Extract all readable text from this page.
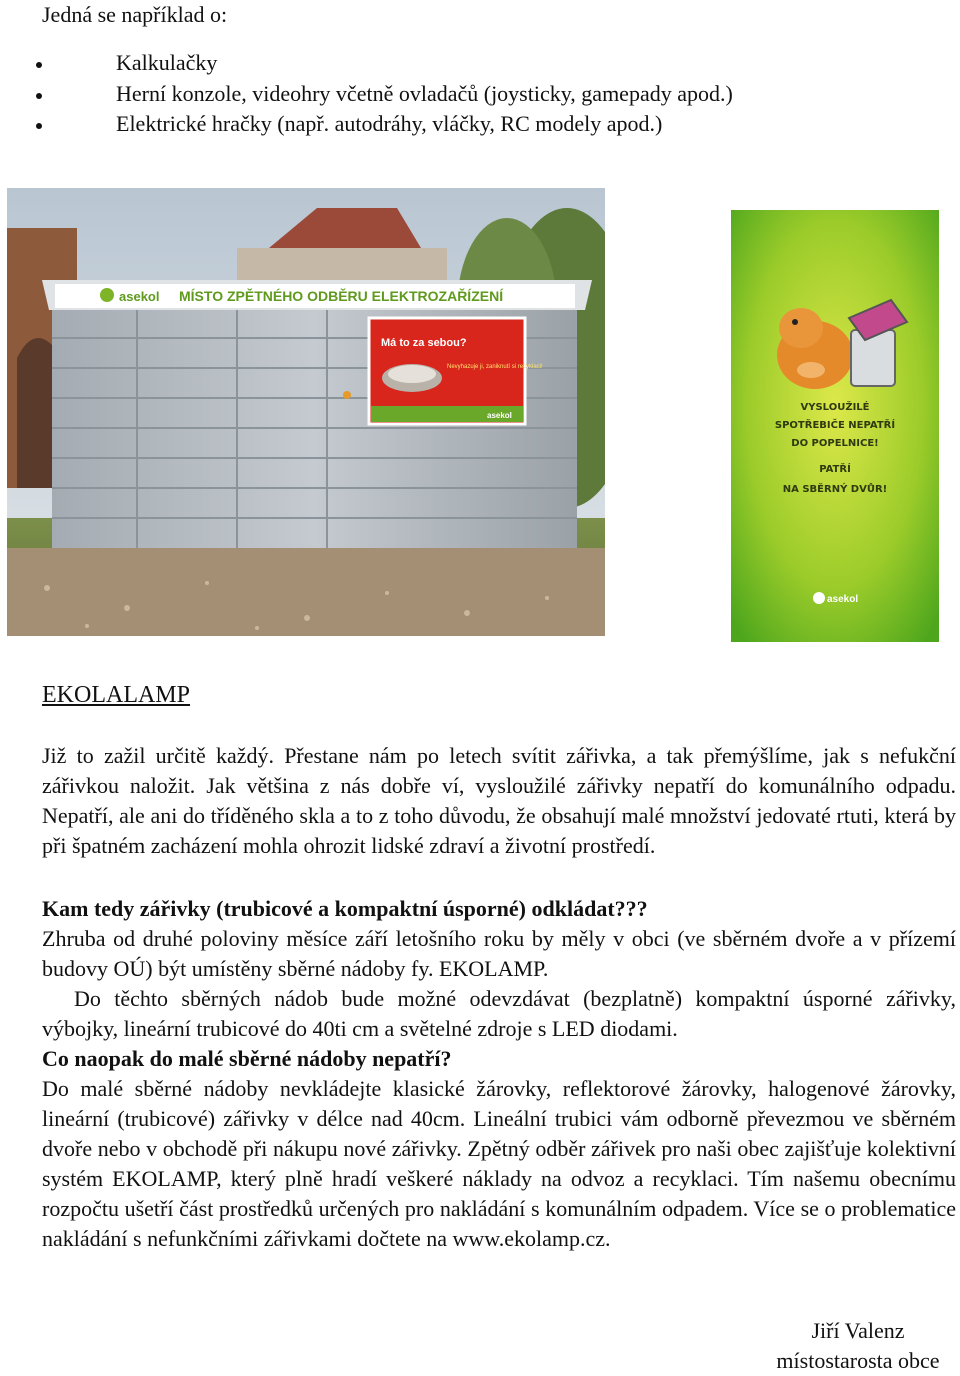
Jedná se například o:
Kalkulačky
Herní konzole, videohry včetně ovladačů (joysticky, gamepady apod.)
Elektrické hračky (např. autodráhy, vláčky, RC modely apod.)
asekol MÍSTO ZPĚTNÉHO ODBĚRU ELEKTROZAŘÍZENÍ
Má to za sebou?
Nevyhazuje ji, zaniknutí si recyklaci!
asekol
VYSLOUŽILÉ
SPOTŘEBIČE NEPATŘÍ
DO POPELNICE!
PATŘÍ
NA SBĚRNÝ DVŮR!
asekol
EKOLALAMP
Již to zažil určitě každý. Přestane nám po letech svítit zářivka, a tak přemýšlíme, jak s nefukční zářivkou naložit. Jak většina z nás dobře ví, vysloužilé zářivky nepatří do komunálního odpadu. Nepatří, ale ani do tříděného skla a to z toho důvodu, že obsahují malé množství jedovaté rtuti, která by při špatném zacházení mohla ohrozit lidské zdraví a životní prostředí.
Kam tedy zářivky (trubicové a kompaktní úsporné) odkládat???
Zhruba od druhé poloviny měsíce září letošního roku by měly v obci (ve sběrném dvoře a v přízemí budovy OÚ) být umístěny sběrné nádoby fy. EKOLAMP.
Do těchto sběrných nádob bude možné odevzdávat (bezplatně) kompaktní úsporné zářivky, výbojky, lineární trubicové do 40ti cm a světelné zdroje s LED diodami.
Co naopak do malé sběrné nádoby nepatří?
Do malé sběrné nádoby nevkládejte klasické žárovky, reflektorové žárovky, halogenové žárovky, lineární (trubicové) zářivky v délce nad 40cm. Lineální trubici vám odborně převezmou ve sběrném dvoře nebo v obchodě při nákupu nové zářivky. Zpětný odběr zářivek pro naši obec zajišťuje kolektivní systém EKOLAMP, který plně hradí veškeré náklady na odvoz a recyklaci. Tím našemu obecnímu rozpočtu ušetří část prostředků určených pro nakládání s komunálním odpadem. Více se o problematice nakládání s nefunkčními zářivkami dočtete na www.ekolamp.cz.
Jiří Valenz
místostarosta obce
